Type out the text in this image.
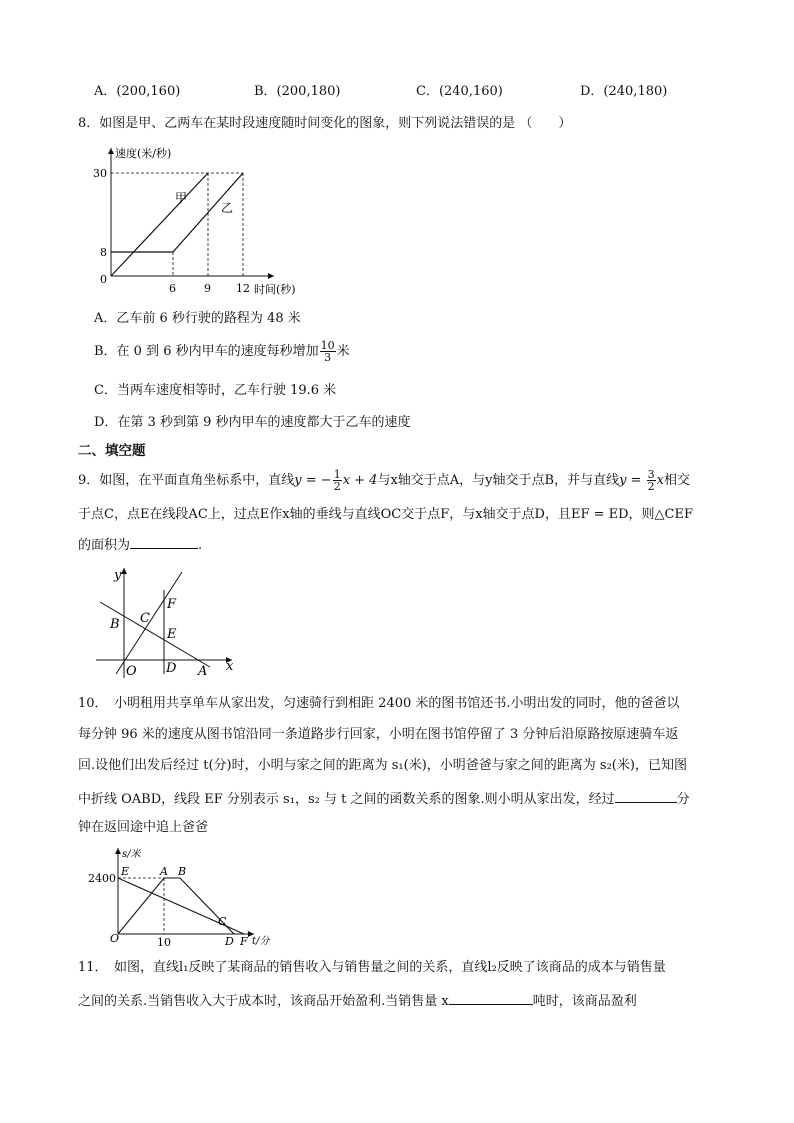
A．(200,160)	B．(200,180)	C．(240,160)	D．(240,180)
8．如图是甲、乙两车在某时段速度随时间变化的图象，则下列说法错误的是 （　　）
速度(米/秒)
时间(秒)
30
8
0
6	9 12
甲
乙
A．乙车前 6 秒行驶的路程为 48 米
B．在 0 到 6 秒内甲车的速度每秒增加 $\frac{10}{3}$ 米
C．当两车速度相等时，乙车行驶 19.6 米
D．在第 3 秒到第 9 秒内甲车的速度都大于乙车的速度
二、填空题
9．如图，在平面直角坐标系中，直线y = − $\frac{1}{2}$ x + 4与x轴交于点A，与y轴交于点B，并与直线$y = \frac{3}{2}$ x相交
于点C，点E在线段AC上，过点E作x轴的垂线与直线OC交于点F，与x轴交于点D，且EF = ED，则△CEF
的面积为	.
y
x
B C
F
E
O D A
10．　小明租用共享单车从家出发，匀速骑行到相距 2400 米的图书馆还书.小明出发的同时，他的爸爸以
每分钟 96 米的速度从图书馆沿同一条道路步行回家，小明在图书馆停留了 3 分钟后沿原路按原速骑车返
回.设他们出发后经过 t(分)时，小明与家之间的距离为 s₁(米)，小明爸爸与家之间的距离为 s₂(米)，已知图
中折线 OABD，线段 EF 分别表示 s₁，s₂ 与 t 之间的函数关系的图象.则小明从家出发，经过	分
钟在返回途中追上爸爸
s/米
2400
10	t/分
E	A B
C
O	D F
11．　如图，直线l₁反映了某商品的销售收入与销售量之间的关系，直线l₂反映了该商品的成本与销售量
之间的关系.当销售收入大于成本时，该商品开始盈利.当销售量 x	吨时，该商品盈利
